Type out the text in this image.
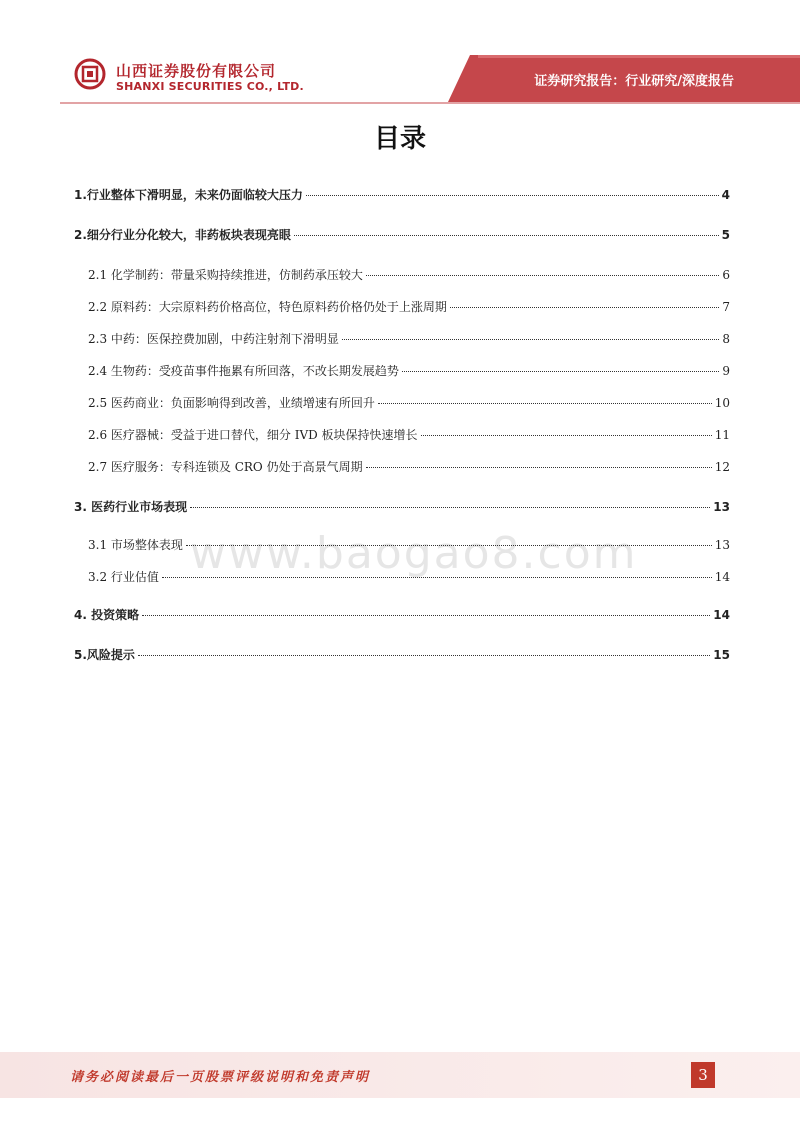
山西证券股份有限公司
SHANXI SECURITIES CO., LTD.	证券研究报告：行业研究/深度报告
目录
www.baogao8.com
1.行业整体下滑明显，未来仍面临较大压力	4
2.细分行业分化较大，非药板块表现亮眼	5
2.1 化学制药：带量采购持续推进，仿制药承压较大	6
2.2 原料药：大宗原料药价格高位，特色原料药价格仍处于上涨周期	7
2.3 中药：医保控费加剧，中药注射剂下滑明显	8
2.4 生物药：受疫苗事件拖累有所回落，不改长期发展趋势	9
2.5 医药商业：负面影响得到改善，业绩增速有所回升	10
2.6 医疗器械：受益于进口替代，细分 IVD 板块保持快速增长	11
2.7 医疗服务：专科连锁及 CRO 仍处于高景气周期	12
3. 医药行业市场表现	13
3.1 市场整体表现	13
3.2 行业估值	14
4. 投资策略	14
5.风险提示	15
请务必阅读最后一页股票评级说明和免责声明	3
